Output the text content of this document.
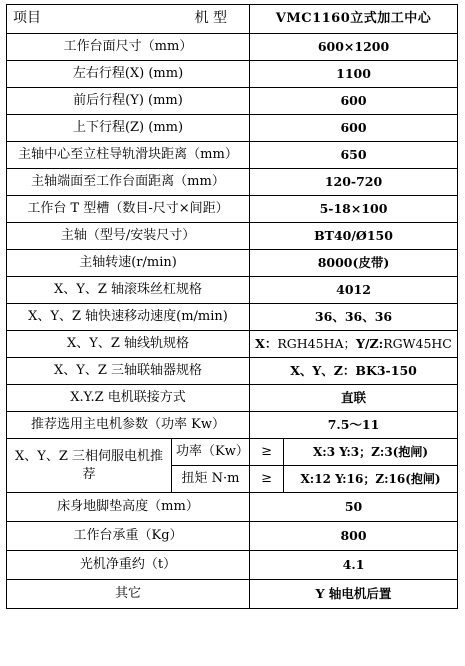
项目 机 型		VMC1160立式加工中心	
工作台面尺寸（mm）		600×1200	
左右行程(X) (mm)		1100	
前后行程(Y) (mm)		600	
上下行程(Z) (mm)		600	
主轴中心至立柱导轨滑块距离（mm）		650	
主轴端面至工作台面距离（mm）		120-720	
工作台 T 型槽（数目-尺寸×间距）		5-18×100	
主轴（型号/安装尺寸）		BT40/Ø150	
主轴转速(r/min)		8000(皮带)	
X、Y、Z 轴滚珠丝杠规格		4012	
X、Y、Z 轴快速移动速度(m/min)		36、36、36	
X、Y、Z 轴线轨规格		X：RGH45HA；Y/Z:RGW45HC	
X、Y、Z 三轴联轴器规格		X、Y、Z：BK3-150	
X.Y.Z 电机联接方式		直联	
推荐选用主电机参数（功率 Kw）		7.5～11	
X、Y、Z 三相伺服电机推荐	功率（Kw）	≥	X:3 Y:3；Z:3(抱闸)
	扭矩 N·m	≥	X:12 Y:16；Z:16(抱闸)
床身地脚垫高度（mm）		50	
工作台承重（Kg）		800	
光机净重约（t）		4.1	
其它		Y 轴电机后置	
